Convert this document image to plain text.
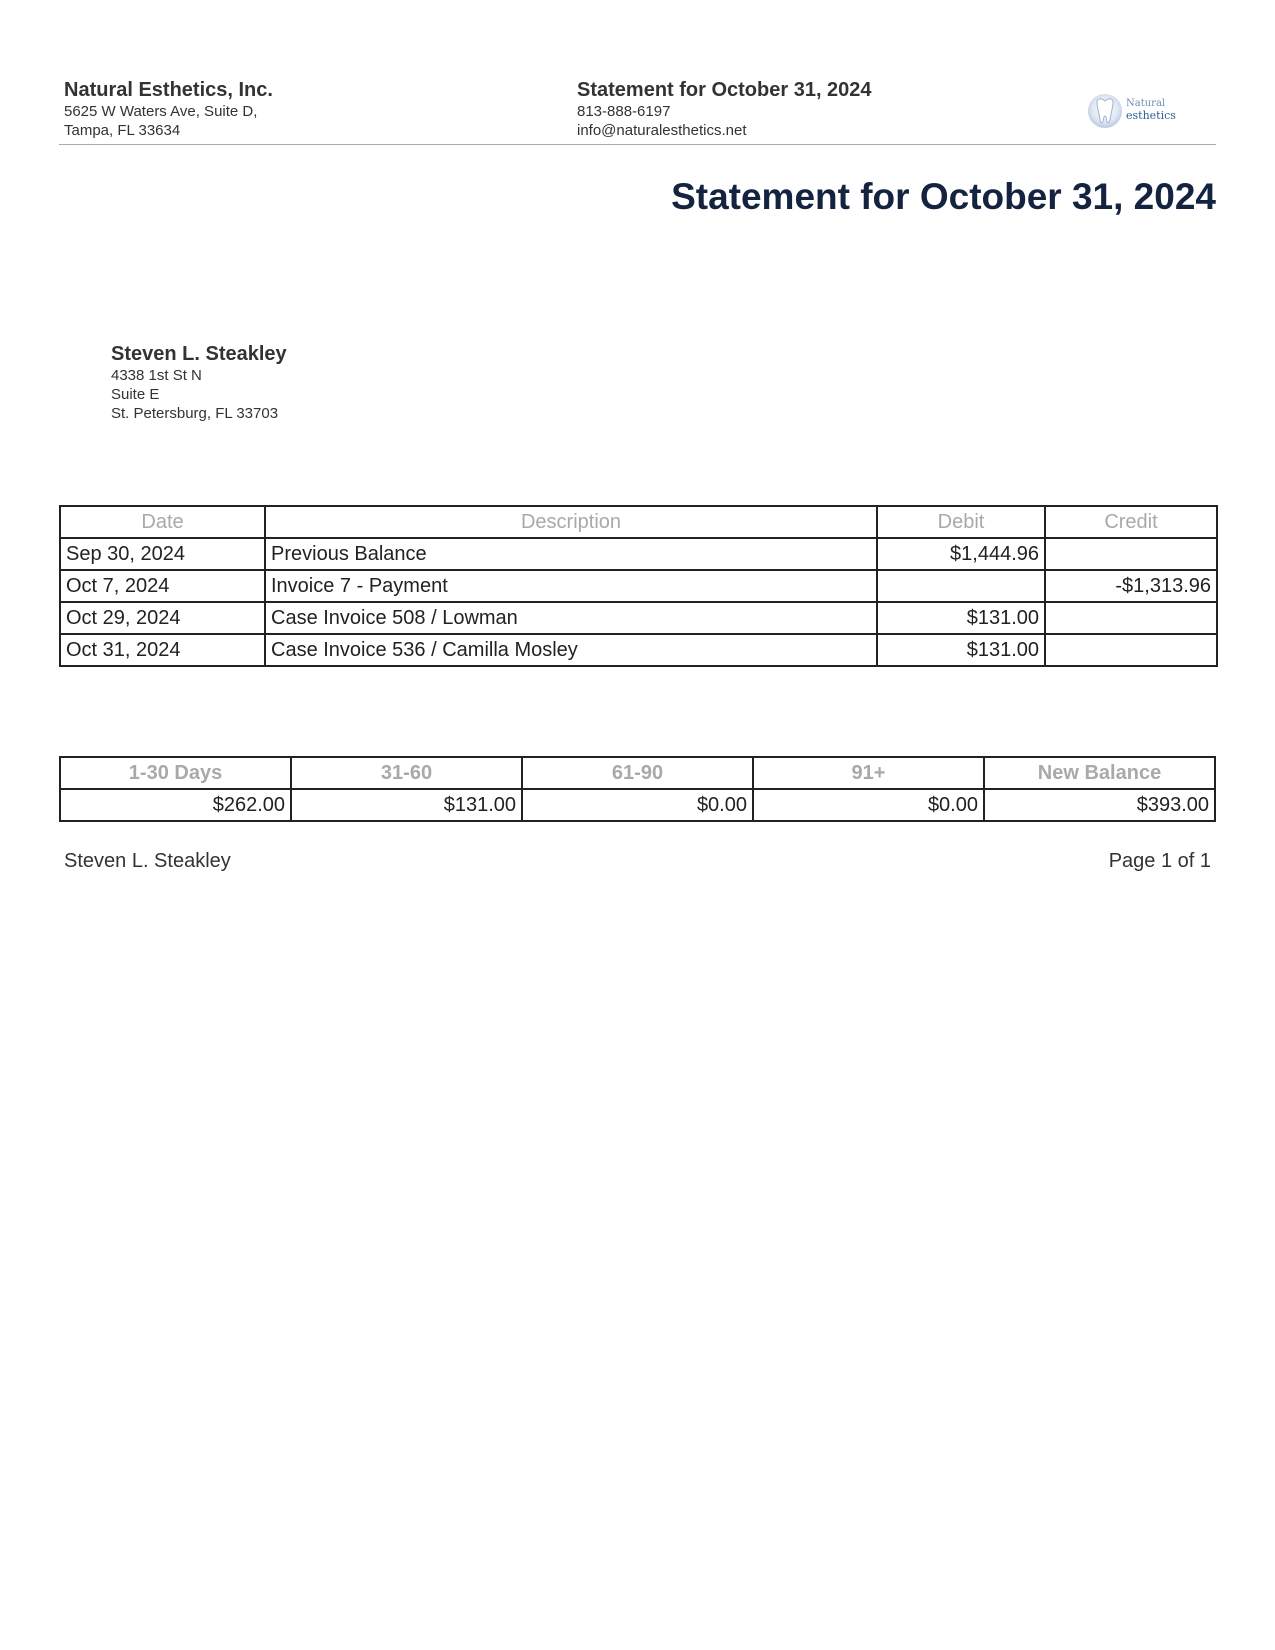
Natural Esthetics, Inc.

5625 W Waters Ave, Suite D,

Tampa, FL 33634

Statement for October 31, 2024

813-888-6197

info@naturalesthetics.net

Natural
esthetics
Statement for October 31, 2024

Steven L. Steakley

4338 1st St N

Suite E

St. Petersburg, FL 33703

Date	Description	Debit	Credit
Sep 30, 2024	Previous Balance	$1,444.96	
Oct 7, 2024	Invoice 7 - Payment		-$1,313.96
Oct 29, 2024	Case Invoice 508 / Lowman	$131.00	
Oct 31, 2024	Case Invoice 536 / Camilla Mosley	$131.00	
1-30 Days	31-60	61-90	91+	New Balance
$262.00	$131.00	$0.00	$0.00	$393.00
Steven L. Steakley	Page 1 of 1
